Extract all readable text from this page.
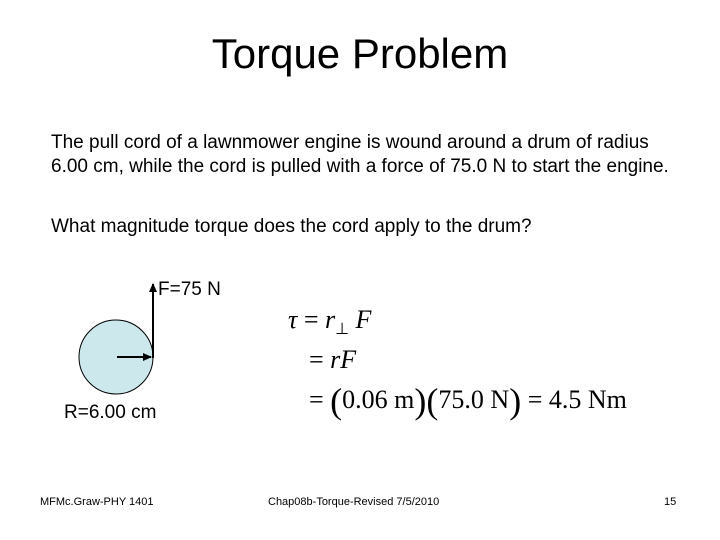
Torque Problem
The pull cord of a lawnmower engine is wound around a drum of radius 6.00 cm, while the cord is pulled with a force of 75.0 N to start the engine.
What magnitude torque does the cord apply to the drum?
F=75 N
R=6.00 cm
$\tau = r_\perp$ F
= rF
= (0.06 m)(75.0 N) = 4.5 Nm
MFMc.Graw-PHY 1401	Chap08b-Torque-Revised 7/5/2010	15
